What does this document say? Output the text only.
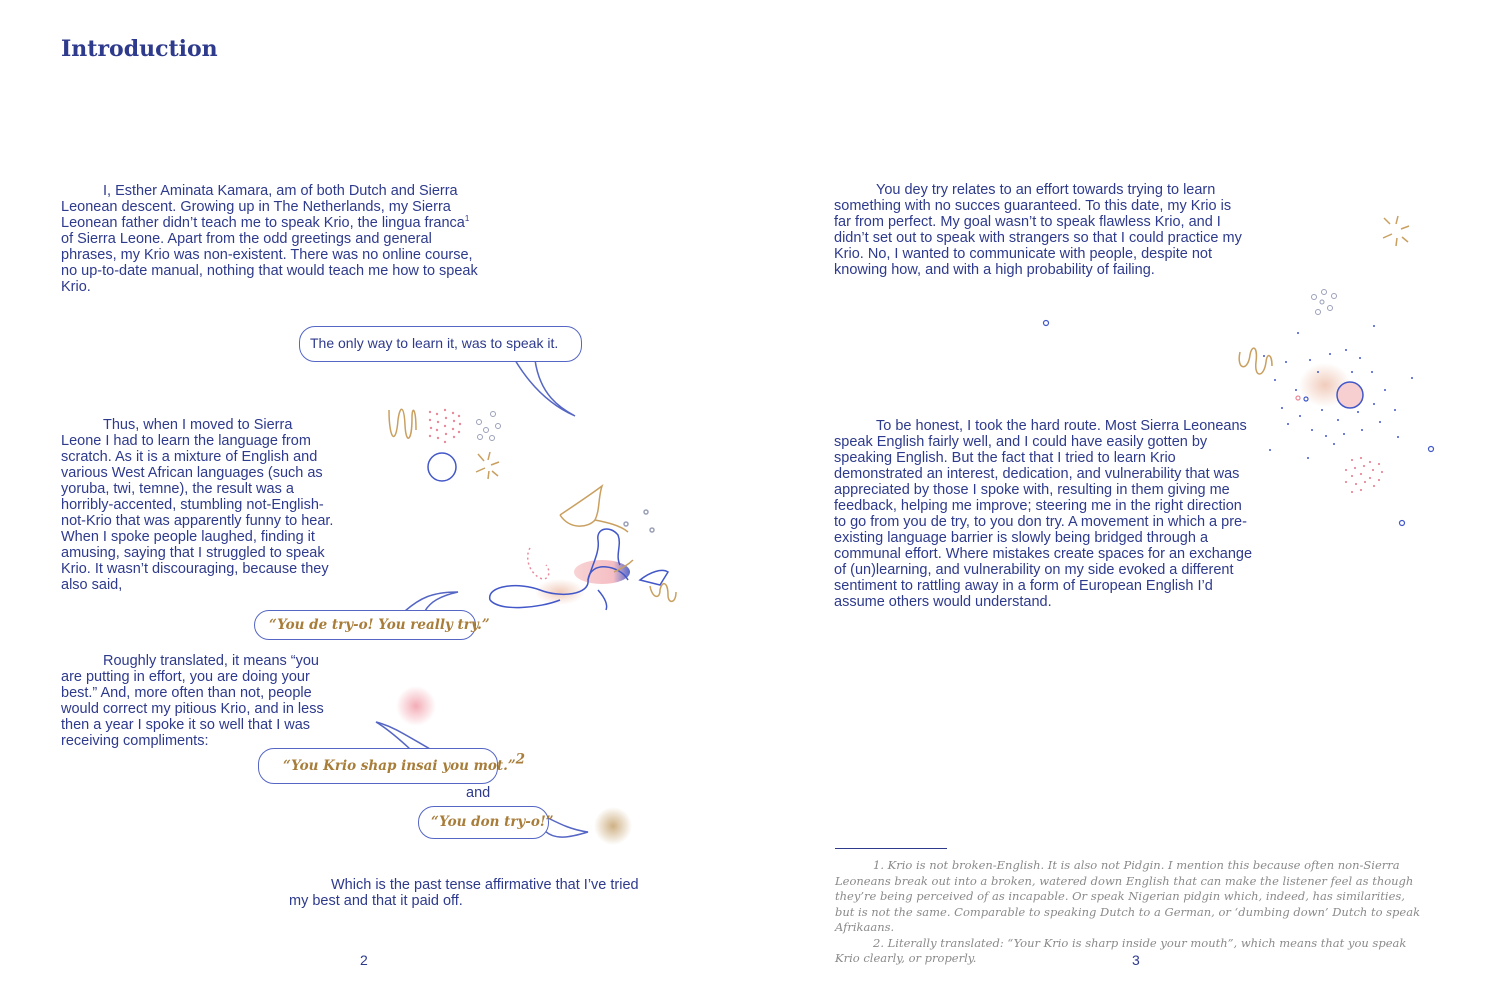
Introduction
I, Esther Aminata Kamara, am of both Dutch and Sierra Leonean descent. Growing up in The Netherlands, my Sierra Leonean father didn’t teach me to speak Krio, the lingua franca$^1$ of Sierra Leone. Apart from the odd greetings and general phrases, my Krio was non-existent. There was no online course, no up-to-date manual, nothing that would teach me how to speak Krio.
The only way to learn it, was to speak it.

Thus, when I moved to Sierra Leone I had to learn the language from scratch. As it is a mixture of English and various West African languages (such as yoruba, twi, temne), the result was a horribly-accented, stumbling not-English-not-Krio that was apparently funny to hear. When I spoke people laughed, finding it amusing, saying that I struggled to speak Krio. It wasn’t discouraging, because they also said,

“You de try-o! You really try.”

Roughly translated, it means “you are putting in effort, you are doing your best.” And, more often than not, people would correct my pitious Krio, and in less then a year I spoke it so well that I was receiving compliments:

“You Krio shap insai you mot.”$^2$
and
“You don try-o!”

Which is the past tense affirmative that I’ve tried my best and that it paid off.

2

You dey try relates to an effort towards trying to learn something with no succes guaranteed. To this date, my Krio is far from perfect. My goal wasn’t to speak flawless Krio, and I didn’t set out to speak with strangers so that I could practice my Krio. No, I wanted to communicate with people, despite not knowing how, and with a high probability of failing.

To be honest, I took the hard route. Most Sierra Leoneans speak English fairly well, and I could have easily gotten by speaking English. But the fact that I tried to learn Krio demonstrated an interest, dedication, and vulnerability that was appreciated by those I spoke with, resulting in them giving me feedback, helping me improve; steering me in the right direction to go from you de try, to you don try. A movement in which a pre-existing language barrier is slowly being bridged through a communal effort. Where mistakes create spaces for an exchange of (un)learning, and vulnerability on my side evoked a different sentiment to rattling away in a form of European English I’d assume others would understand.

3

1. Krio is not broken-English. It is also not Pidgin. I mention this because often non-Sierra Leoneans break out into a broken, watered down English that can make the listener feel as though they’re being perceived of as incapable. Or speak Nigerian pidgin which, indeed, has similarities, but is not the same. Comparable to speaking Dutch to a German, or ‘dumbing down’ Dutch to speak Afrikaans.

2. Literally translated: “Your Krio is sharp inside your mouth”, which means that you speak Krio clearly, or properly.
